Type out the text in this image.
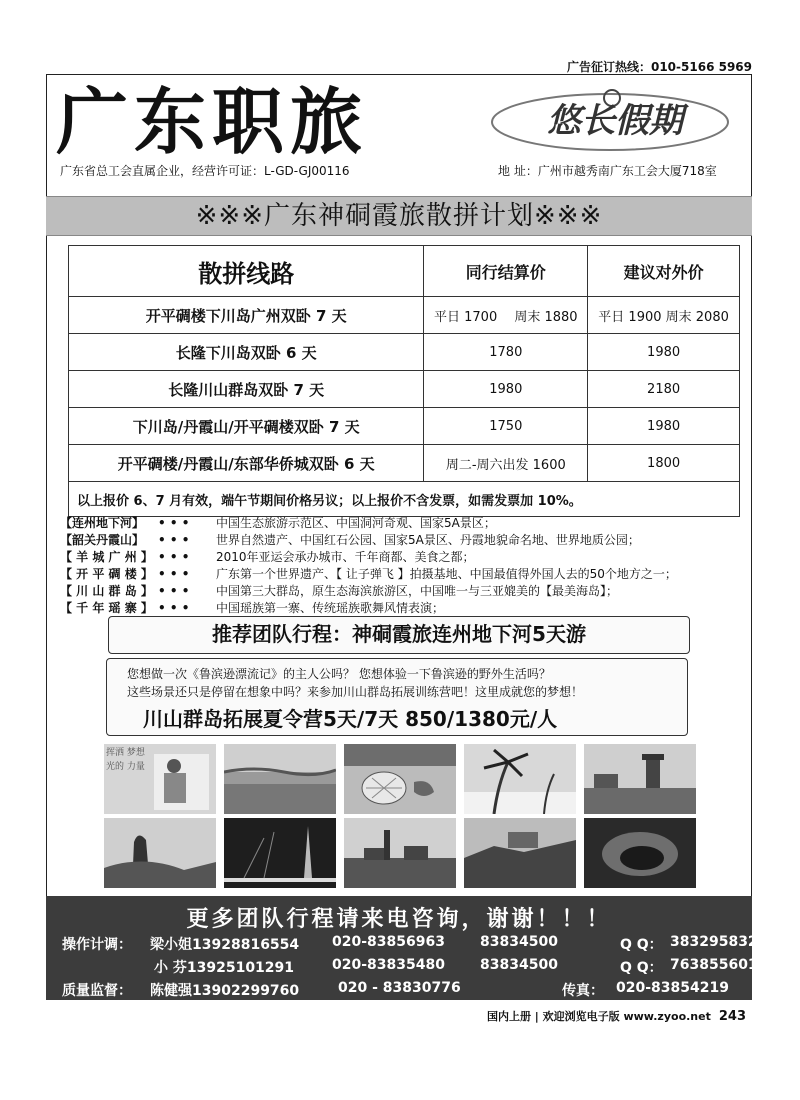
广告征订热线：010-5166 5969
广东职旅	悠长假期
广东省总工会直属企业，经营许可证：L-GD-GJ00116	地 址：广州市越秀南广东工会大厦718室
※※※广东神硐霞旅散拼计划※※※
散拼线路	同行结算价	建议对外价
开平碉楼下川岛广州双卧 7 天	平日 1700　 周末 1880	平日 1900 周末 2080
长隆下川岛双卧 6 天	1780	1980
长隆川山群岛双卧 7 天	1980	2180
下川岛/丹霞山/开平碉楼双卧 7 天	1750	1980
开平碉楼/丹霞山/东部华侨城双卧 6 天	周二-周六出发 1600	1800
以上报价 6、7 月有效，端午节期间价格另议；以上报价不含发票，如需发票加 10%。		
【连州地下河】 • • • 中国生态旅游示范区、中国洞河奇观、国家5A景区；
【韶关丹霞山】 • • • 世界自然遗产、中国红石公园、国家5A景区、丹霞地貌命名地、世界地质公园；
【 羊 城 广 州 】 • • • 2010年亚运会承办城市、千年商都、美食之都；
【 开 平 碉 楼 】 • • • 广东第一个世界遗产、【 让子弹飞 】拍摄基地、中国最值得外国人去的50个地方之一；
【 川 山 群 岛 】 • • • 中国第三大群岛，原生态海滨旅游区，中国唯一与三亚媲美的【最美海岛】；
【 千 年 瑶 寨 】 • • • 中国瑶族第一寨、传统瑶族歌舞风情表演；
推荐团队行程：神硐霞旅连州地下河5天游
您想做一次《鲁滨逊漂流记》的主人公吗？ 您想体验一下鲁滨逊的野外生活吗？
这些场景还只是停留在想象中吗？来参加川山群岛拓展训练营吧！这里成就您的梦想！
川山群岛拓展夏令营5天/7天 850/1380元/人
挥洒 梦想 光的 力量
更多团队行程请来电咨询，谢谢！！！
操作计调： 梁小姐13928816554 020-83856963	83834500	Q Q： 383295832
小 芬13925101291	020-83835480	83834500	Q Q： 763855601
质量监督： 陈健强13902299760	020 - 83830776	传真： 020-83854219
国内上册 | 欢迎浏览电子版 www.zyoo.net 243
